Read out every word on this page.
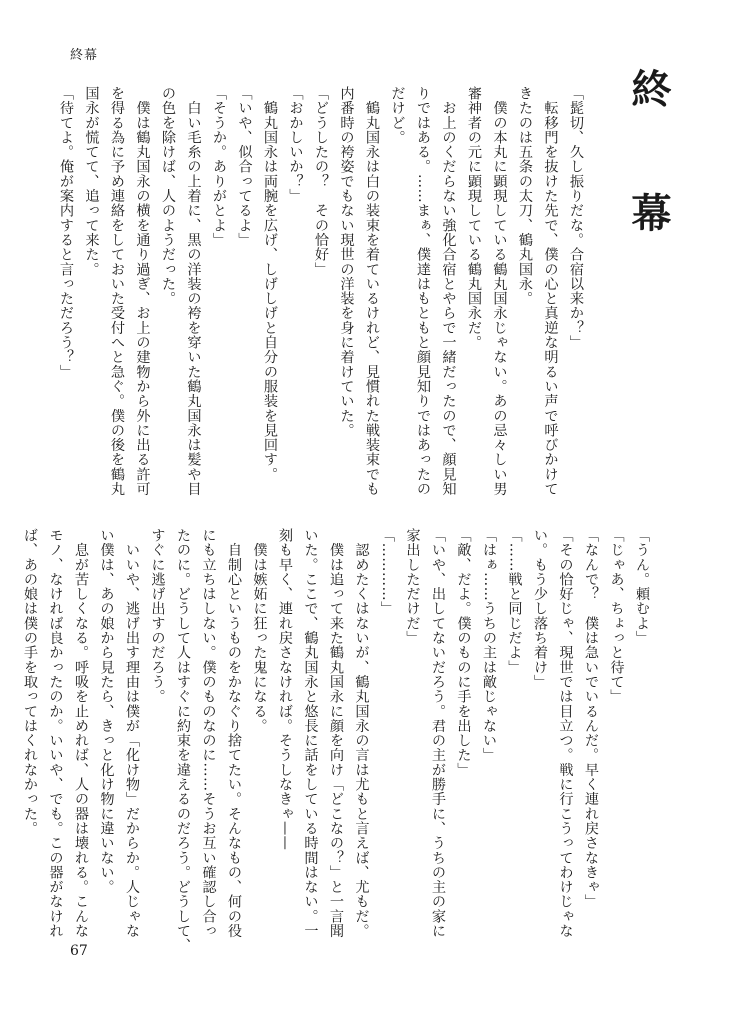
終幕
終　幕
「髭切、久し振りだな。合宿以来か？」
　転移門を抜けた先で、僕の心と真逆な明るい声で呼びかけて
きたのは五条の太刀、鶴丸国永。
　僕の本丸に顕現している鶴丸国永じゃない。あの忌々しい男
審神者の元に顕現している鶴丸国永だ。
　お上のくだらない強化合宿とやらで一緒だったので、顔見知
りではある。……まぁ、僕達はもともと顔見知りではあったの
だけど。
　鶴丸国永は白の装束を着ているけれど、見慣れた戦装束でも
内番時の袴姿でもない現世の洋装を身に着けていた。
「どうしたの？　その恰好」
「おかしいか？」
　鶴丸国永は両腕を広げ、しげしげと自分の服装を見回す。
「いや、似合ってるよ」
「そうか。ありがとよ」
　白い毛糸の上着に、黒の洋装の袴を穿いた鶴丸国永は髪や目
の色を除けば、人のようだった。
　僕は鶴丸国永の横を通り過ぎ、お上の建物から外に出る許可
を得る為に予め連絡をしておいた受付へと急ぐ。僕の後を鶴丸
国永が慌てて、追って来た。
「待てよ。俺が案内すると言っただろう？」
「うん。頼むよ」
「じゃあ、ちょっと待て」
「なんで？　僕は急いでいるんだ。早く連れ戻さなきゃ」
「その恰好じゃ、現世では目立つ。戦に行こうってわけじゃな
い。もう少し落ち着け」
「……戦と同じだよ」
「はぁ……うちの主は敵じゃない」
「敵、だよ。僕のものに手を出した」
「いや、出してないだろう。君の主が勝手に、うちの主の家に
家出しただけだ」
「…………」
　認めたくはないが、鶴丸国永の言は尤もと言えば、尤もだ。
　僕は追って来た鶴丸国永に顔を向け「どこなの？」と一言聞
いた。ここで、鶴丸国永と悠長に話をしている時間はない。一
刻も早く、連れ戻さなければ。そうしなきゃ——
　僕は嫉妬に狂った鬼になる。
　自制心というものをかなぐり捨てたい。そんなもの、何の役
にも立ちはしない。僕のものなのに……そうお互い確認し合っ
たのに。どうして人はすぐに約束を違えるのだろう。どうして、
すぐに逃げ出すのだろう。
　いいや、逃げ出す理由は僕が「化け物」だからか。人じゃな
い僕は、あの娘から見たら、きっと化け物に違いない。
　息が苦しくなる。呼吸を止めれば、人の器は壊れる。こんな
モノ、なければ良かったのか。いいや、でも。この器がなけれ
ば、あの娘は僕の手を取ってはくれなかった。
67
